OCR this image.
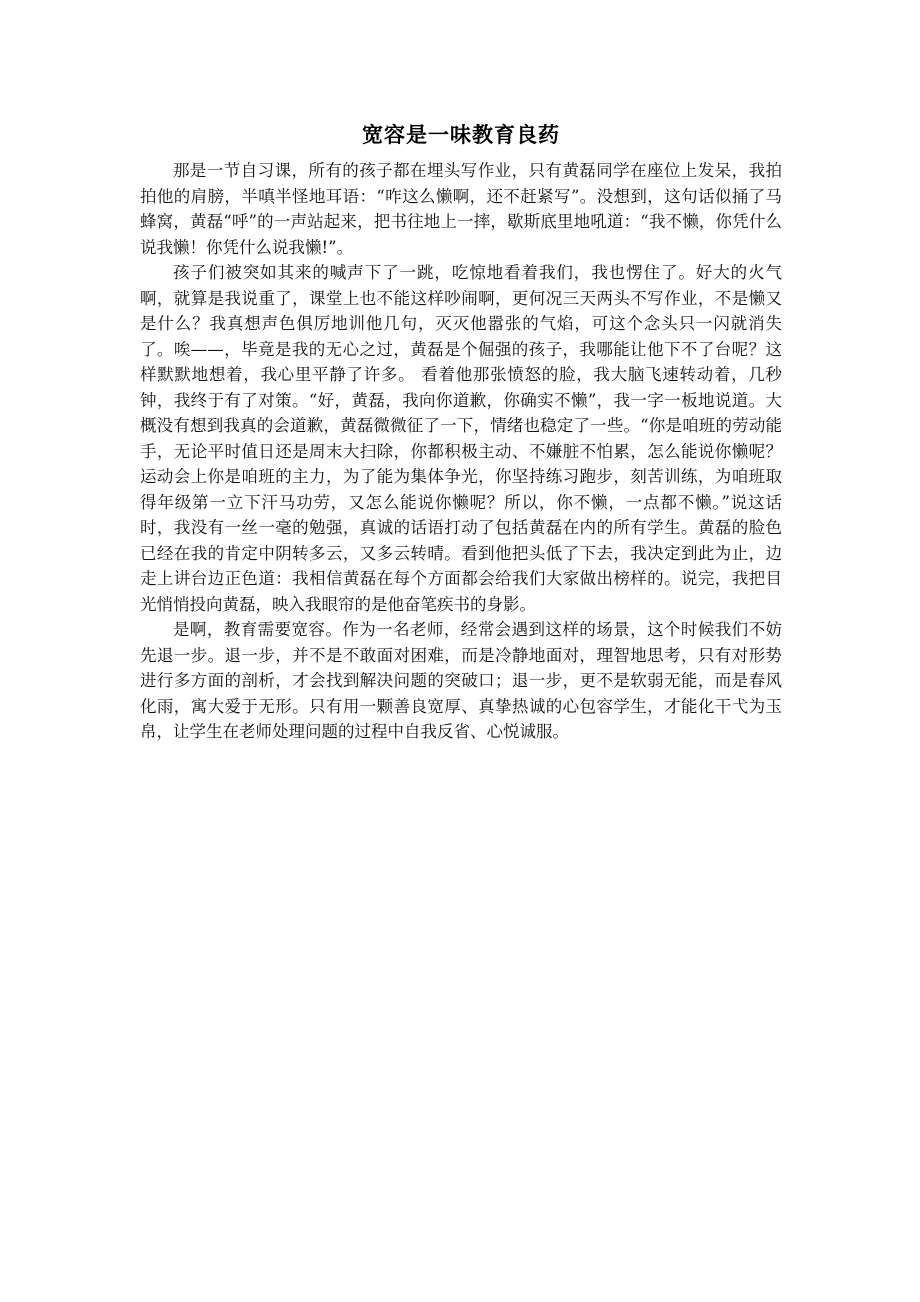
宽容是一味教育良药

那是一节自习课，所有的孩子都在埋头写作业，只有黄磊同学在座位上发呆，我拍拍他的肩膀，半嗔半怪地耳语：“咋这么懒啊，还不赶紧写”。没想到，这句话似捅了马蜂窝，黄磊“呼”的一声站起来，把书往地上一摔，歇斯底里地吼道：“我不懒，你凭什么说我懒！你凭什么说我懒!”。

孩子们被突如其来的喊声下了一跳，吃惊地看着我们，我也愣住了。好大的火气啊，就算是我说重了，课堂上也不能这样吵闹啊，更何况三天两头不写作业，不是懒又是什么？我真想声色俱厉地训他几句，灭灭他嚣张的气焰，可这个念头只一闪就消失了。唉——，毕竟是我的无心之过，黄磊是个倔强的孩子，我哪能让他下不了台呢？这样默默地想着，我心里平静了许多。 看着他那张愤怒的脸，我大脑飞速转动着，几秒钟，我终于有了对策。“好，黄磊，我向你道歉，你确实不懒”，我一字一板地说道。大概没有想到我真的会道歉，黄磊微微征了一下，情绪也稳定了一些。“你是咱班的劳动能手，无论平时值日还是周末大扫除，你都积极主动、不嫌脏不怕累，怎么能说你懒呢？运动会上你是咱班的主力，为了能为集体争光，你坚持练习跑步，刻苦训练，为咱班取得年级第一立下汗马功劳，又怎么能说你懒呢？所以，你不懒，一点都不懒。”说这话时，我没有一丝一毫的勉强，真诚的话语打动了包括黄磊在内的所有学生。黄磊的脸色已经在我的肯定中阴转多云，又多云转晴。看到他把头低了下去，我决定到此为止，边走上讲台边正色道：我相信黄磊在每个方面都会给我们大家做出榜样的。说完，我把目光悄悄投向黄磊，映入我眼帘的是他奋笔疾书的身影。

是啊，教育需要宽容。作为一名老师，经常会遇到这样的场景，这个时候我们不妨先退一步。退一步，并不是不敢面对困难，而是冷静地面对，理智地思考，只有对形势进行多方面的剖析，才会找到解决问题的突破口；退一步，更不是软弱无能，而是春风化雨，寓大爱于无形。只有用一颗善良宽厚、真挚热诚的心包容学生，才能化干弋为玉帛，让学生在老师处理问题的过程中自我反省、心悦诚服。
